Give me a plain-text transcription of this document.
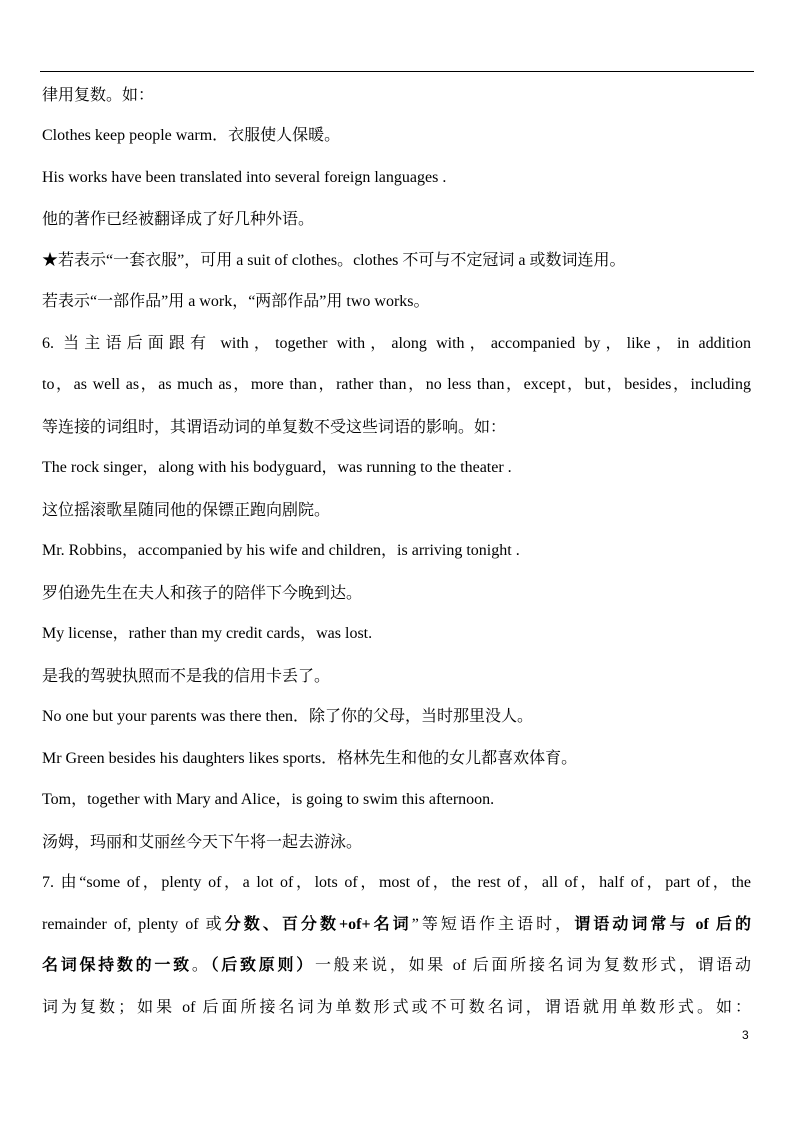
律用复数。如：
Clothes keep people warm．衣服使人保暖。
His works have been translated into several foreign languages .
他的著作已经被翻译成了好几种外语。
★若表示“一套衣服”，可用 a suit of clothes。clothes 不可与不定冠词 a 或数词连用。
若表示“一部作品”用 a work，“两部作品”用 two works。
6. 当主语后面跟有 with，together with，along with，accompanied by，like，in addition
to，as well as，as much as，more than，rather than，no less than，except，but，besides，including
等连接的词组时，其谓语动词的单复数不受这些词语的影响。如：
The rock singer，along with his bodyguard，was running to the theater .
这位摇滚歌星随同他的保镖正跑向剧院。
Mr. Robbins，accompanied by his wife and children，is arriving tonight .
罗伯逊先生在夫人和孩子的陪伴下今晚到达。
My license，rather than my credit cards，was lost.
是我的驾驶执照而不是我的信用卡丢了。
No one but your parents was there then．除了你的父母，当时那里没人。
Mr Green besides his daughters likes sports．格林先生和他的女儿都喜欢体育。
Tom，together with Mary and Alice，is going to swim this afternoon.
汤姆，玛丽和艾丽丝今天下午将一起去游泳。
7. 由“some of，plenty of，a lot of，lots of，most of，the rest of，all of，half of，part of，the
remainder of, plenty of 或分数、百分数+of+名词”等短语作主语时，谓语动词常与 of 后的
名词保持数的一致。（后致原则）一般来说，如果 of 后面所接名词为复数形式，谓语动
词为复数；如果 of 后面所接名词为单数形式或不可数名词，谓语就用单数形式。如：
3
